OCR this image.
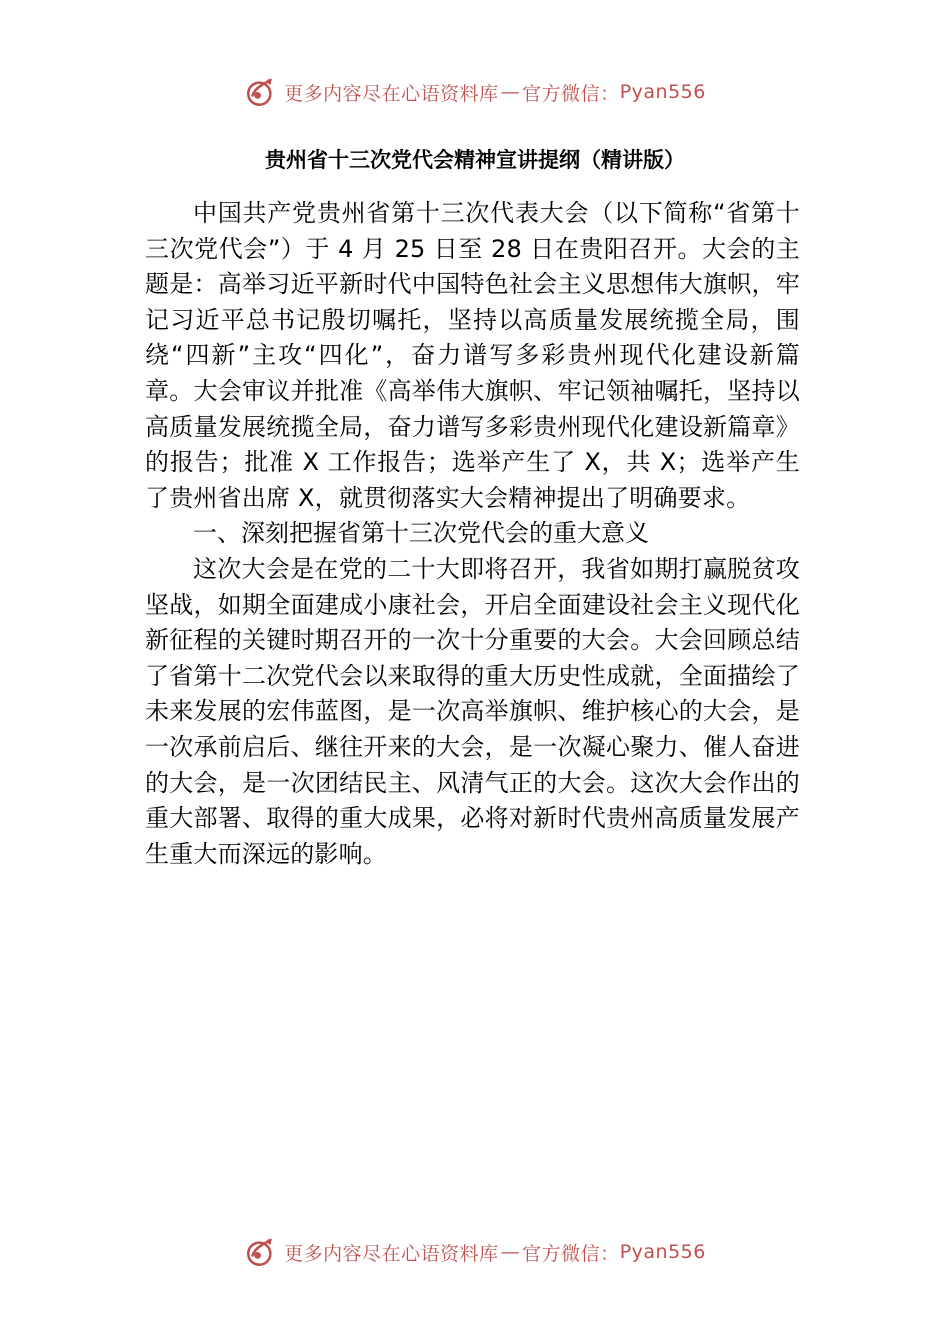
更多内容尽在心语资料库 — 官方微信： Pyan556
贵州省十三次党代会精神宣讲提纲（精讲版）

中国共产党贵州省第十三次代表大会（以下简称“省第十三次党代会”）于 4 月 25 日至 28 日在贵阳召开。大会的主题是：高举习近平新时代中国特色社会主义思想伟大旗帜，牢记习近平总书记殷切嘱托，坚持以高质量发展统揽全局，围绕“四新”主攻“四化”，奋力谱写多彩贵州现代化建设新篇章。大会审议并批准《高举伟大旗帜、牢记领袖嘱托，坚持以高质量发展统揽全局，奋力谱写多彩贵州现代化建设新篇章》的报告；批准 X 工作报告；选举产生了 X，共 X；选举产生了贵州省出席 X，就贯彻落实大会精神提出了明确要求。

一、深刻把握省第十三次党代会的重大意义

这次大会是在党的二十大即将召开，我省如期打赢脱贫攻坚战，如期全面建成小康社会，开启全面建设社会主义现代化新征程的关键时期召开的一次十分重要的大会。大会回顾总结了省第十二次党代会以来取得的重大历史性成就，全面描绘了未来发展的宏伟蓝图，是一次高举旗帜、维护核心的大会，是一次承前启后、继往开来的大会，是一次凝心聚力、催人奋进的大会，是一次团结民主、风清气正的大会。这次大会作出的重大部署、取得的重大成果，必将对新时代贵州高质量发展产生重大而深远的影响。

更多内容尽在心语资料库 — 官方微信： Pyan556
